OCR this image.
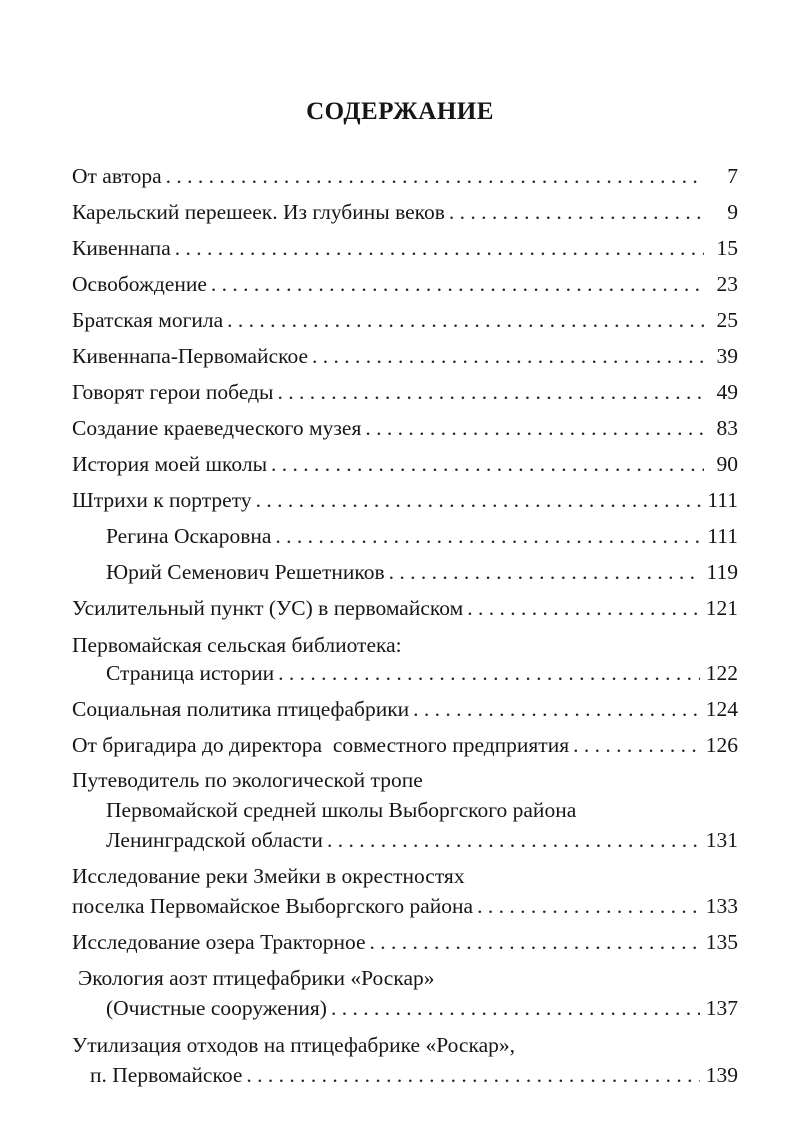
СОДЕРЖАНИЕ
От автора . . .	7
Карельский перешеек. Из глубины веков . . .	9
Кивеннапа . . .	15
Освобождение . . .	23
Братская могила . . .	25
Кивеннапа-Первомайское . . .	39
Говорят герои победы . . .	49
Создание краеведческого музея . . .	83
История моей школы . . .	90
Штрихи к портрету . . .	111
Регина Оскаровна . . .	111
Юрий Семенович Решетников . . .	119
Усилительный пункт (УС) в первомайском . . .	121
Первомайская сельская библиотека:
Страница истории . . .	122
Социальная политика птицефабрики . . .	124
От бригадира до директора  совместного предприятия . . .	126
Путеводитель по экологической тропе
Первомайской средней школы Выборгского района
Ленинградской области . . .	131
Исследование реки Змейки в окрестностях
поселка Первомайское Выборгского района . . .	133
Исследование озера Тракторное . . .	135
Экология аозт птицефабрики «Роскар»
(Очистные сооружения) . . .	137
Утилизация отходов на птицефабрике «Роскар»,
п. Первомайское . . .	139
